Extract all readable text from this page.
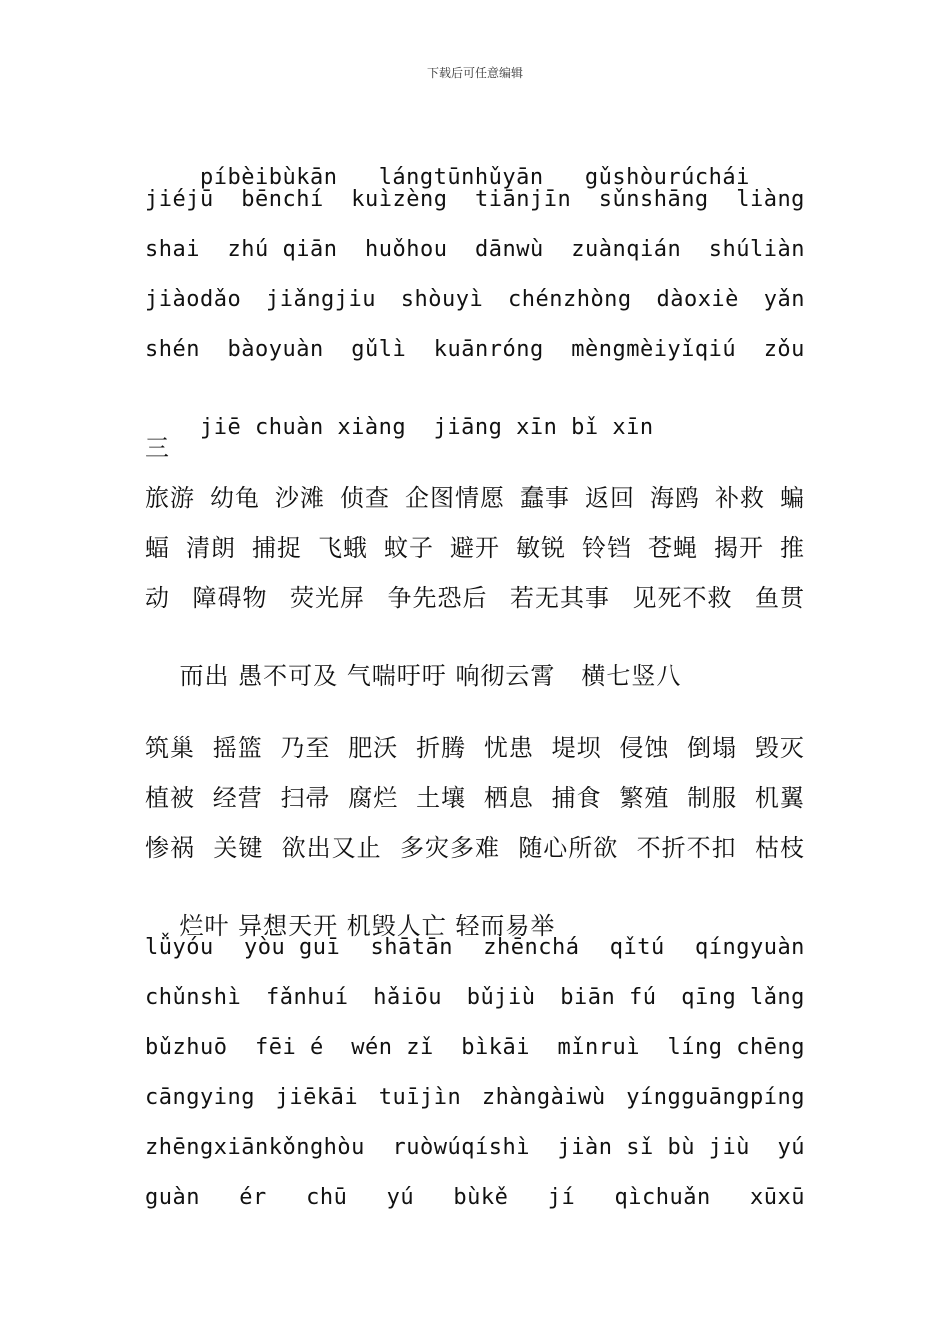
下载后可任意编辑

píbèibùkān lángtūnhǔyān gǔshòurúchái

jiéjū bēnchí kuìzèng tiānjīn sǔnshāng liàng
shai zhú qiān huǒhou dānwù zuànqián shúliàn
jiàodǎo jiǎngjiu shòuyì chénzhòng dàoxiè yǎn
shén bàoyuàn gǔlì kuānróng mèngmèiyǐqiú zǒu

jiē chuàn xiàng jiāng xīn bǐ xīn

三
旅游 幼龟 沙滩 侦查 企图情愿 蠢事 返回 海鸥 补救 蝙
蝠 清朗 捕捉 飞蛾 蚊子 避开 敏锐 铃铛 苍蝇 揭开 推
动 障碍物 荧光屏 争先恐后 若无其事 见死不救 鱼贯

而出 愚不可及 气喘吁吁 响彻云霄 横七竖八

筑巢 摇篮 乃至 肥沃 折腾 忧患 堤坝 侵蚀 倒塌 毁灭
植被 经营 扫帚 腐烂 土壤 栖息 捕食 繁殖 制服 机翼
惨祸 关键 欲出又止 多灾多难 随心所欲 不折不扣 枯枝

烂叶 异想天开 机毁人亡 轻而易举

lǚyóu yòu guī shātān zhēnchá qǐtú qíngyuàn
chǔnshì fǎnhuí hǎiōu bǔjiù biān fú qīng lǎng
bǔzhuō fēi é wén zǐ bìkāi mǐnruì líng chēng
cāngying jiēkāi tuījìn zhàngàiwù yíngguāngpíng
zhēngxiānkǒnghòu ruòwúqíshì jiàn sǐ bù jiù yú
guàn ér chū yú bùkě jí qìchuǎn xūxū
